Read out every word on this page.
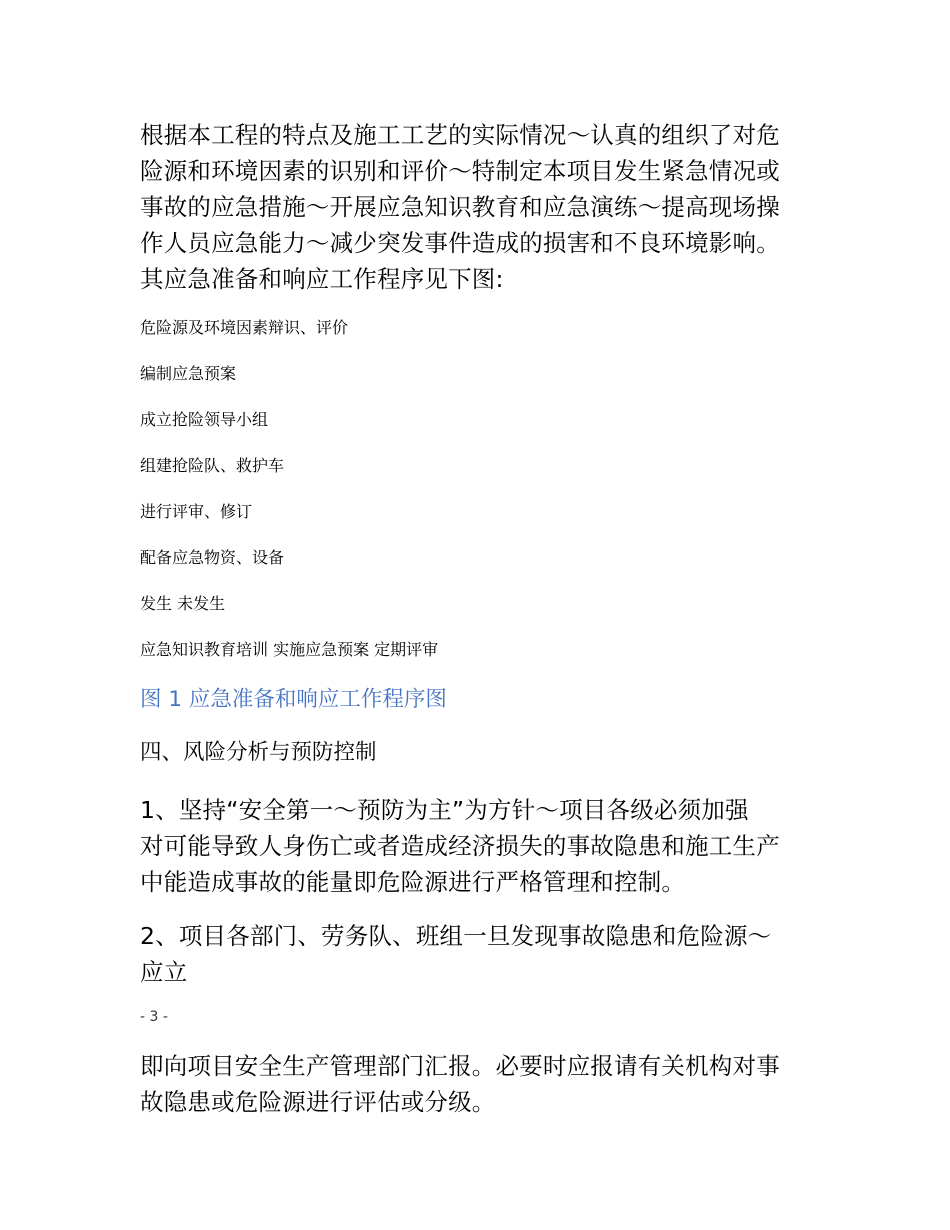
根据本工程的特点及施工工艺的实际情况～认真的组织了对危
险源和环境因素的识别和评价～特制定本项目发生紧急情况或
事故的应急措施～开展应急知识教育和应急演练～提高现场操
作人员应急能力～减少突发事件造成的损害和不良环境影响。
其应急准备和响应工作程序见下图:

危险源及环境因素辩识、评价

编制应急预案

成立抢险领导小组

组建抢险队、救护车

进行评审、修订

配备应急物资、设备

发生 未发生

应急知识教育培训 实施应急预案 定期评审

图 1 应急准备和响应工作程序图

四、风险分析与预防控制

1、坚持“安全第一～预防为主”为方针～项目各级必须加强
对可能导致人身伤亡或者造成经济损失的事故隐患和施工生产
中能造成事故的能量即危险源进行严格管理和控制。
2、项目各部门、劳务队、班组一旦发现事故隐患和危险源～
应立

- 3 -

即向项目安全生产管理部门汇报。必要时应报请有关机构对事
故隐患或危险源进行评估或分级。
